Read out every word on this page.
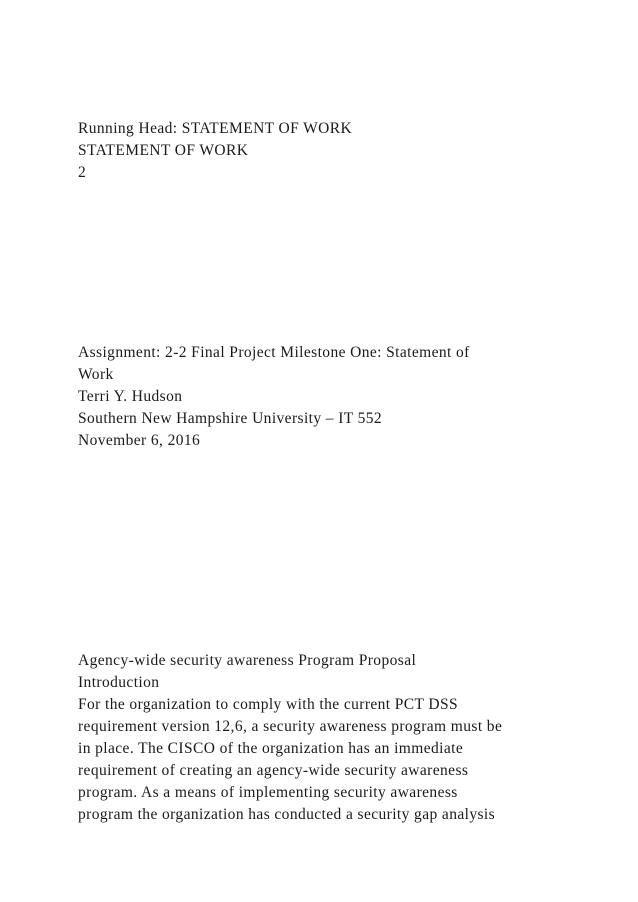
Running Head: STATEMENT OF WORK
STATEMENT OF WORK
2
Assignment: 2-2 Final Project Milestone One: Statement of
Work
Terri Y. Hudson
Southern New Hampshire University – IT 552
November 6, 2016
Agency-wide security awareness Program Proposal
Introduction
For the organization to comply with the current PCT DSS
requirement version 12,6, a security awareness program must be
in place. The CISCO of the organization has an immediate
requirement of creating an agency-wide security awareness
program. As a means of implementing security awareness
program the organization has conducted a security gap analysis
